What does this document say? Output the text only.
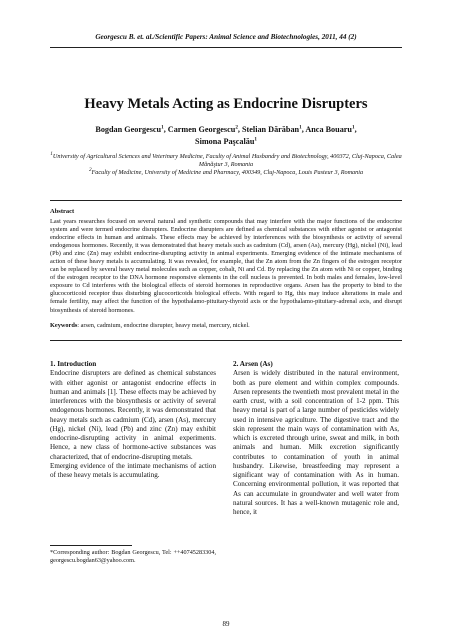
Georgescu B. et. al./Scientific Papers: Animal Science and Biotechnologies, 2011, 44 (2)
Heavy Metals Acting as Endocrine Disrupters
Bogdan Georgescu$^1$, Carmen Georgescu$^2$, Stelian Dărăban$^1$, Anca Bouaru$^1$,
Simona Paşcalău$^1$

$^1$University of Agricultural Sciences and Veterinary Medicine, Faculty of Animal Husbandry and Biotechnology, 400372, Cluj-Napoca, Calea Mănăştur 3, Romania

$^2$Faculty of Medicine, University of Medicine and Pharmacy, 400349, Cluj-Napoca, Louis Pasteur 3, Romania

Abstract

Last years researches focused on several natural and synthetic compounds that may interfere with the major functions of the endocrine system and were termed endocrine disrupters. Endocrine disrupters are defined as chemical substances with either agonist or antagonist endocrine effects in human and animals. These effects may be achieved by interferences with the biosynthesis or activity of several endogenous hormones. Recently, it was demonstrated that heavy metals such as cadmium (Cd), arsen (As), mercury (Hg), nickel (Ni), lead (Pb) and zinc (Zn) may exhibit endocrine-disrupting activity in animal experiments. Emerging evidence of the intimate mechanisms of action of these heavy metals is accumulating. It was revealed, for example, that the Zn atom from the Zn fingers of the estrogen receptor can be replaced by several heavy metal molecules such as copper, cobalt, Ni and Cd. By replacing the Zn atom with Ni or copper, binding of the estrogen receptor to the DNA hormone responsive elements in the cell nucleus is prevented. In both males and females, low-level exposure to Cd interferes with the biological effects of steroid hormones in reproductive organs. Arsen has the property to bind to the glucocorticoid receptor thus disturbing glucocorticoids biological effects. With regard to Hg, this may induce alterations in male and female fertility, may affect the function of the hypothalamo-pituitary-thyroid axis or the hypothalamo-pituitary-adrenal axis, and disrupt biosynthesis of steroid hormones.

Keywords: arsen, cadmium, endocrine disrupter, heavy metal, mercury, nickel.

1. Introduction

Endocrine disrupters are defined as chemical substances with either agonist or antagonist endocrine effects in human and animals [1]. These effects may be achieved by interferences with the biosynthesis or activity of several endogenous hormones. Recently, it was demonstrated that heavy metals such as cadmium (Cd), arsen (As), mercury (Hg), nickel (Ni), lead (Pb) and zinc (Zn) may exhibit endocrine-disrupting activity in animal experiments. Hence, a new class of hormone-active substances was characterized, that of endocrine-disrupting metals.

Emerging evidence of the intimate mechanisms of action of these heavy metals is accumulating.

2. Arsen (As)

Arsen is widely distributed in the natural environment, both as pure element and within complex compounds. Arsen represents the twentieth most prevalent metal in the earth crust, with a soil concentration of 1-2 ppm. This heavy metal is part of a large number of pesticides widely used in intensive agriculture. The digestive tract and the skin represent the main ways of contamination with As, which is excreted through urine, sweat and milk, in both animals and human. Milk excretion significantly contributes to contamination of youth in animal husbandry. Likewise, breastfeeding may represent a significant way of contamination with As in human. Concerning environmental pollution, it was reported that As can accumulate in groundwater and well water from natural sources. It has a well-known mutagenic role and, hence, it

*Corresponding author: Bogdan Georgescu, Tel: ++40745283304, georgescu.bogdan63@yahoo.com.

89
